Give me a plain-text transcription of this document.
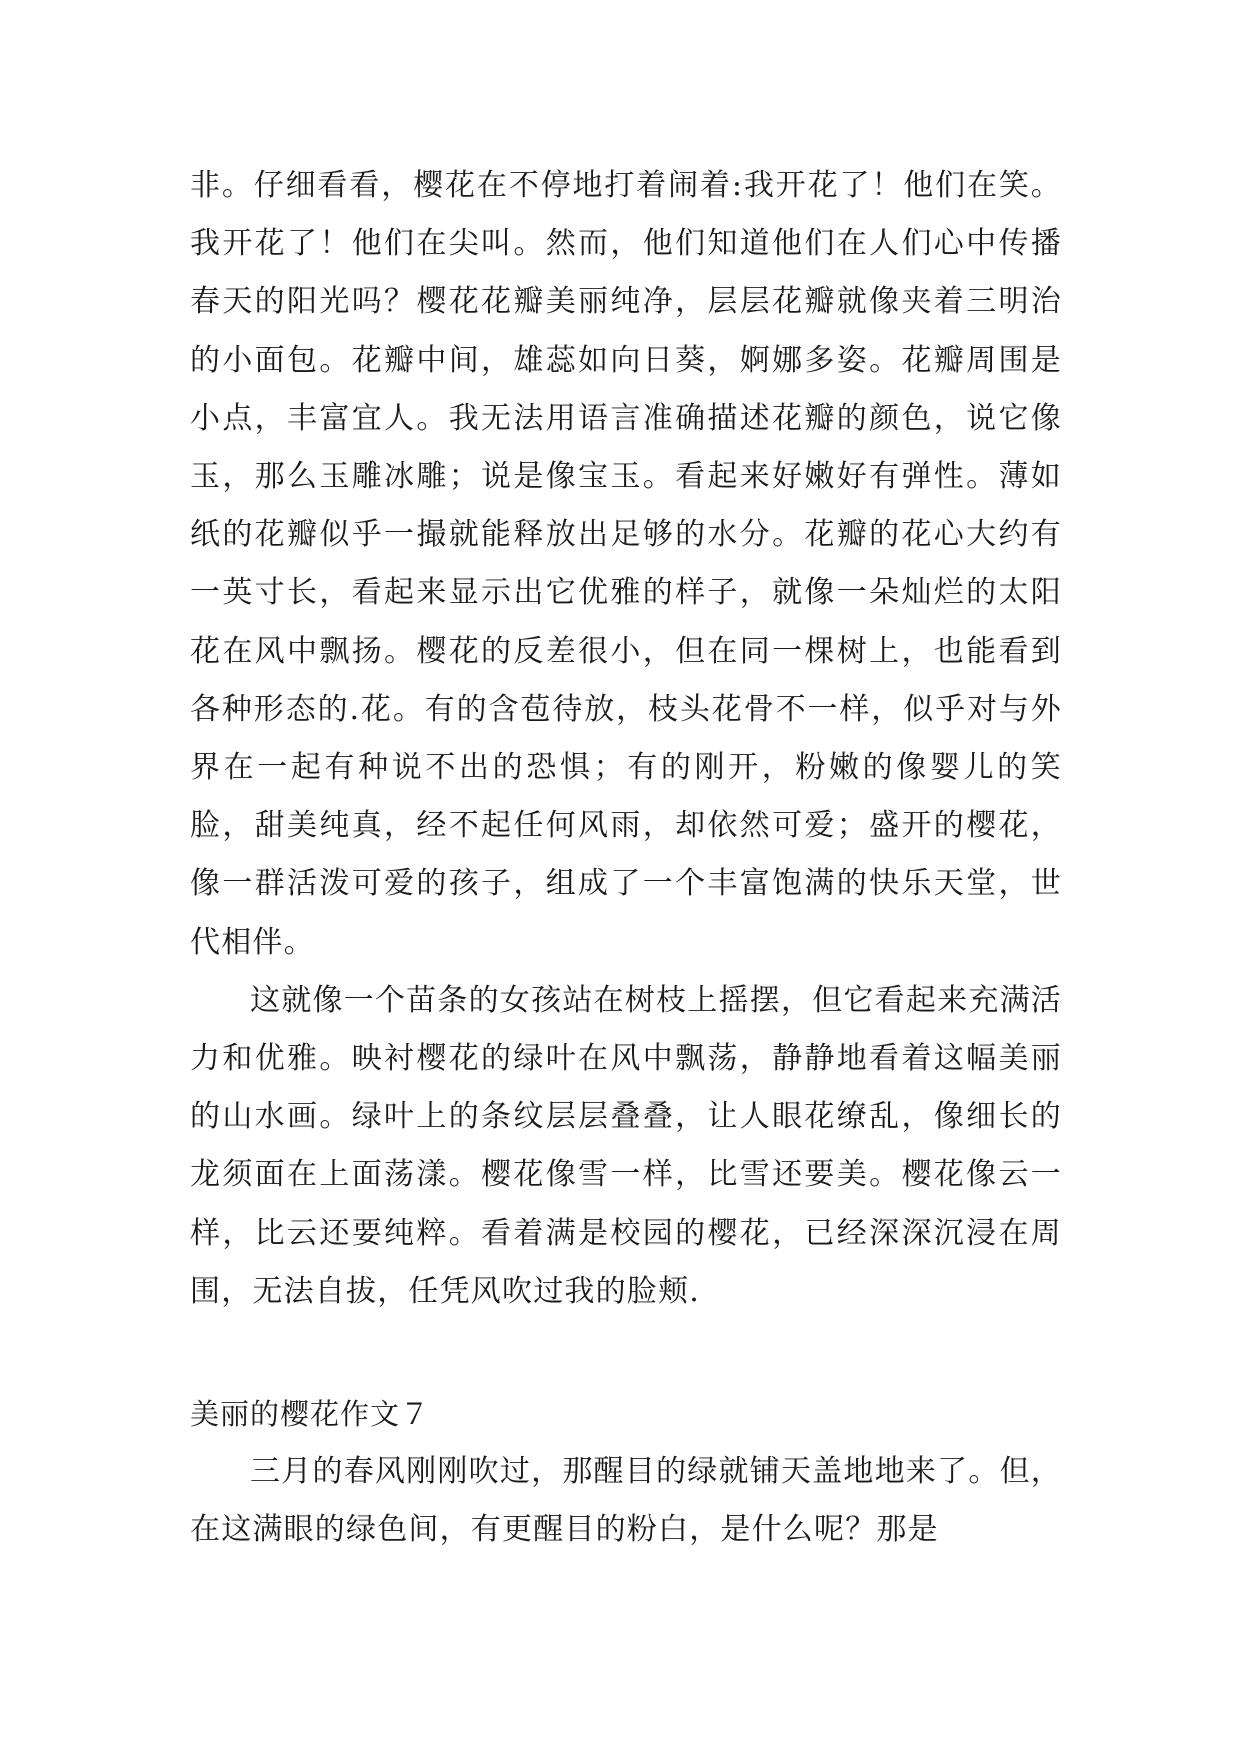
非。仔细看看，樱花在不停地打着闹着:我开花了！他们在笑。我开花了！他们在尖叫。然而，他们知道他们在人们心中传播春天的阳光吗？樱花花瓣美丽纯净，层层花瓣就像夹着三明治的小面包。花瓣中间，雄蕊如向日葵，婀娜多姿。花瓣周围是小点，丰富宜人。我无法用语言准确描述花瓣的颜色，说它像玉，那么玉雕冰雕；说是像宝玉。看起来好嫩好有弹性。薄如纸的花瓣似乎一撮就能释放出足够的水分。花瓣的花心大约有一英寸长，看起来显示出它优雅的样子，就像一朵灿烂的太阳花在风中飘扬。樱花的反差很小，但在同一棵树上，也能看到各种形态的.花。有的含苞待放，枝头花骨不一样，似乎对与外界在一起有种说不出的恐惧；有的刚开，粉嫩的像婴儿的笑脸，甜美纯真，经不起任何风雨，却依然可爱；盛开的樱花，像一群活泼可爱的孩子，组成了一个丰富饱满的快乐天堂，世代相伴。

这就像一个苗条的女孩站在树枝上摇摆，但它看起来充满活力和优雅。映衬樱花的绿叶在风中飘荡，静静地看着这幅美丽的山水画。绿叶上的条纹层层叠叠，让人眼花缭乱，像细长的龙须面在上面荡漾。樱花像雪一样，比雪还要美。樱花像云一样，比云还要纯粹。看着满是校园的樱花，已经深深沉浸在周围，无法自拔，任凭风吹过我的脸颊.

美丽的樱花作文７

三月的春风刚刚吹过，那醒目的绿就铺天盖地地来了。但，在这满眼的绿色间，有更醒目的粉白，是什么呢？那是
